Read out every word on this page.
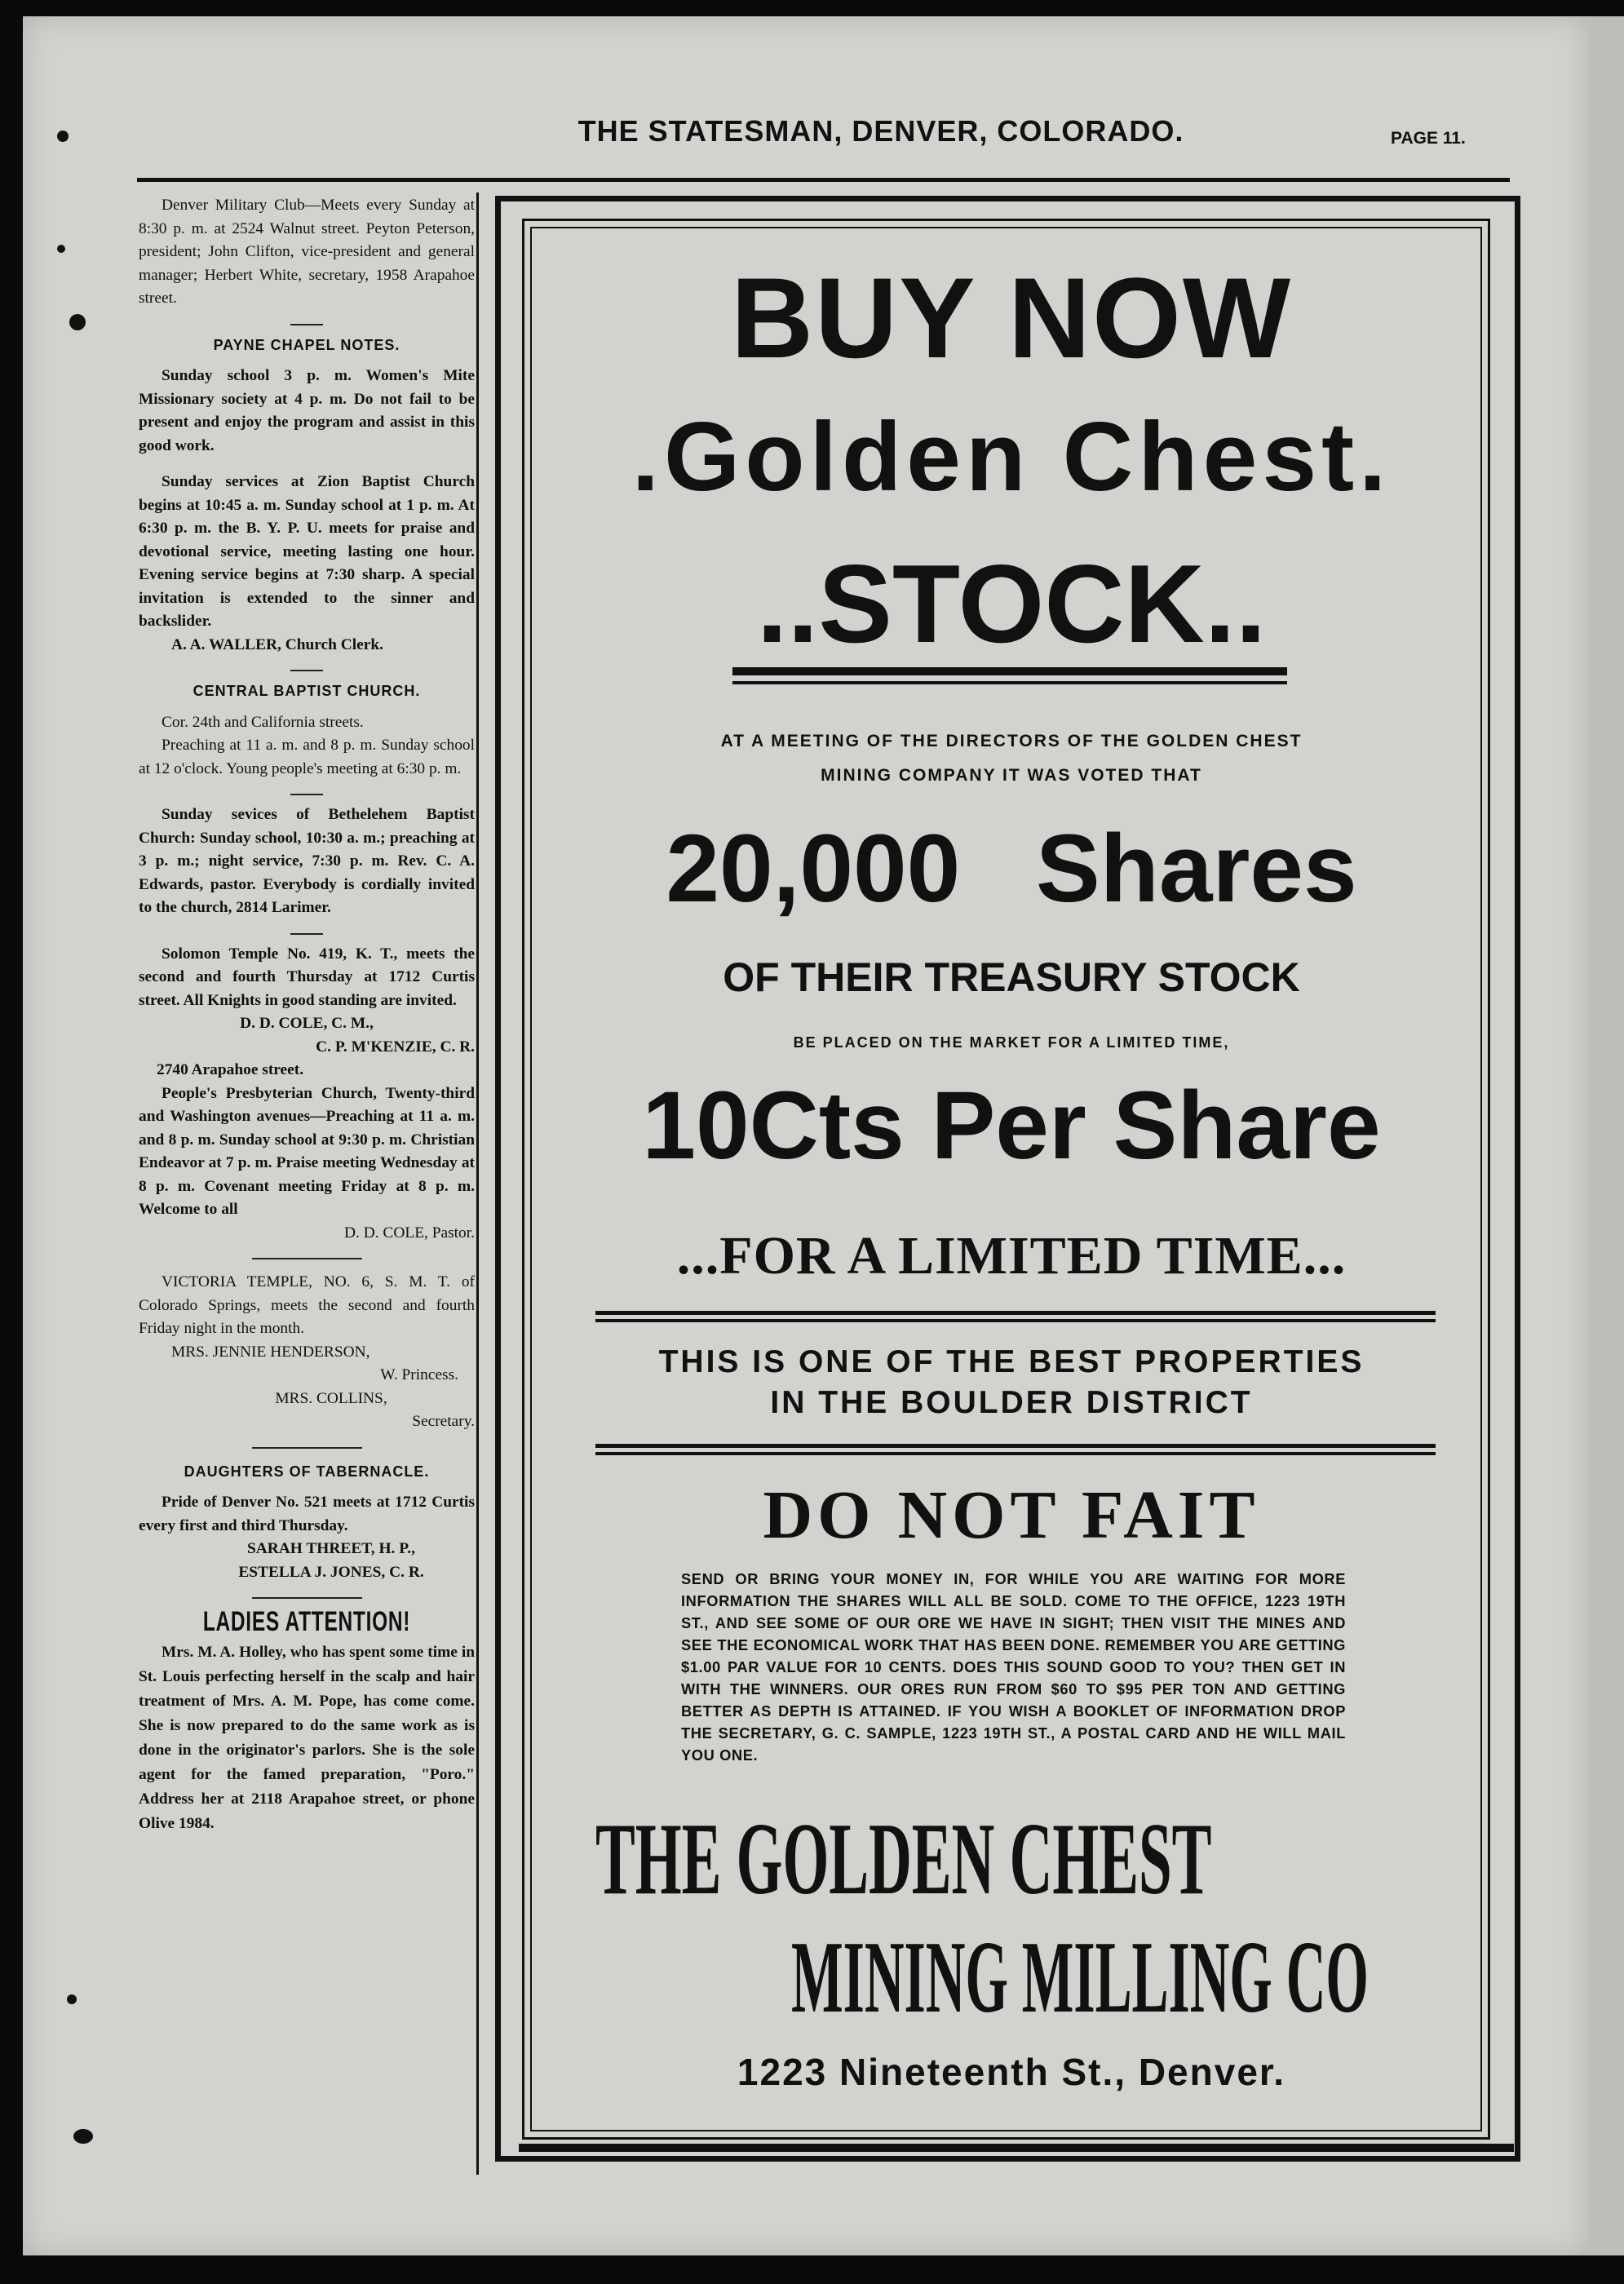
THE STATESMAN, DENVER, COLORADO.	PAGE 11.

Denver Military Club—Meets every Sunday at 8:30 p. m. at 2524 Walnut street. Peyton Peterson, president; John Clifton, vice-president and general manager; Herbert White, secretary, 1958 Arapahoe street.

PAYNE CHAPEL NOTES.

Sunday school 3 p. m. Women's Mite Missionary society at 4 p. m. Do not fail to be present and enjoy the program and assist in this good work.

Sunday services at Zion Baptist Church begins at 10:45 a. m. Sunday school at 1 p. m. At 6:30 p. m. the B. Y. P. U. meets for praise and devotional service, meeting lasting one hour. Evening service begins at 7:30 sharp. A special invitation is extended to the sinner and backslider.

A. A. WALLER, Church Clerk.

CENTRAL BAPTIST CHURCH.

Cor. 24th and California streets.

Preaching at 11 a. m. and 8 p. m. Sunday school at 12 o'clock. Young people's meeting at 6:30 p. m.

Sunday sevices of Bethelehem Baptist Church: Sunday school, 10:30 a. m.; preaching at 3 p. m.; night service, 7:30 p. m. Rev. C. A. Edwards, pastor. Everybody is cordially invited to the church, 2814 Larimer.

Solomon Temple No. 419, K. T., meets the second and fourth Thursday at 1712 Curtis street. All Knights in good standing are invited.

D. D. COLE, C. M.,

C. P. M'KENZIE, C. R.

2740 Arapahoe street.

People's Presbyterian Church, Twenty-third and Washington avenues—Preaching at 11 a. m. and 8 p. m. Sunday school at 9:30 p. m. Christian Endeavor at 7 p. m. Praise meeting Wednesday at 8 p. m. Covenant meeting Friday at 8 p. m. Welcome to all

D. D. COLE, Pastor.

VICTORIA TEMPLE, NO. 6, S. M. T. of Colorado Springs, meets the second and fourth Friday night in the month.

MRS. JENNIE HENDERSON,

W. Princess.

MRS. COLLINS,

Secretary.

DAUGHTERS OF TABERNACLE.

Pride of Denver No. 521 meets at 1712 Curtis every first and third Thursday.

SARAH THREET, H. P.,

ESTELLA J. JONES, C. R.

LADIES ATTENTION!

Mrs. M. A. Holley, who has spent some time in St. Louis perfecting herself in the scalp and hair treatment of Mrs. A. M. Pope, has come come. She is now prepared to do the same work as is done in the originator's parlors. She is the sole agent for the famed preparation, "Poro." Address her at 2118 Arapahoe street, or phone Olive 1984.

BUY NOW
.Golden Chest.
..STOCK..
AT A MEETING OF THE DIRECTORS OF THE GOLDEN CHEST
MINING COMPANY IT WAS VOTED THAT
20,000 Shares
OF THEIR TREASURY STOCK
BE PLACED ON THE MARKET FOR A LIMITED TIME,
10Cts Per Share
...FOR A LIMITED TIME...
THIS IS ONE OF THE BEST PROPERTIES
IN THE BOULDER DISTRICT
DO NOT FAIT
SEND OR BRING YOUR MONEY IN, FOR WHILE YOU ARE WAITING FOR MORE INFORMATION THE SHARES WILL ALL BE SOLD. COME TO THE OFFICE, 1223 19TH ST., AND SEE SOME OF OUR ORE WE HAVE IN SIGHT; THEN VISIT THE MINES AND SEE THE ECONOMICAL WORK THAT HAS BEEN DONE. REMEMBER YOU ARE GETTING $1.00 PAR VALUE FOR 10 CENTS. DOES THIS SOUND GOOD TO YOU? THEN GET IN WITH THE WINNERS. OUR ORES RUN FROM $60 TO $95 PER TON AND GETTING BETTER AS DEPTH IS ATTAINED. IF YOU WISH A BOOKLET OF INFORMATION DROP THE SECRETARY, G. C. SAMPLE, 1223 19TH ST., A POSTAL CARD AND HE WILL MAIL YOU ONE.
THE GOLDEN CHEST
MINING MILLING CO
1223 Nineteenth St., Denver.
